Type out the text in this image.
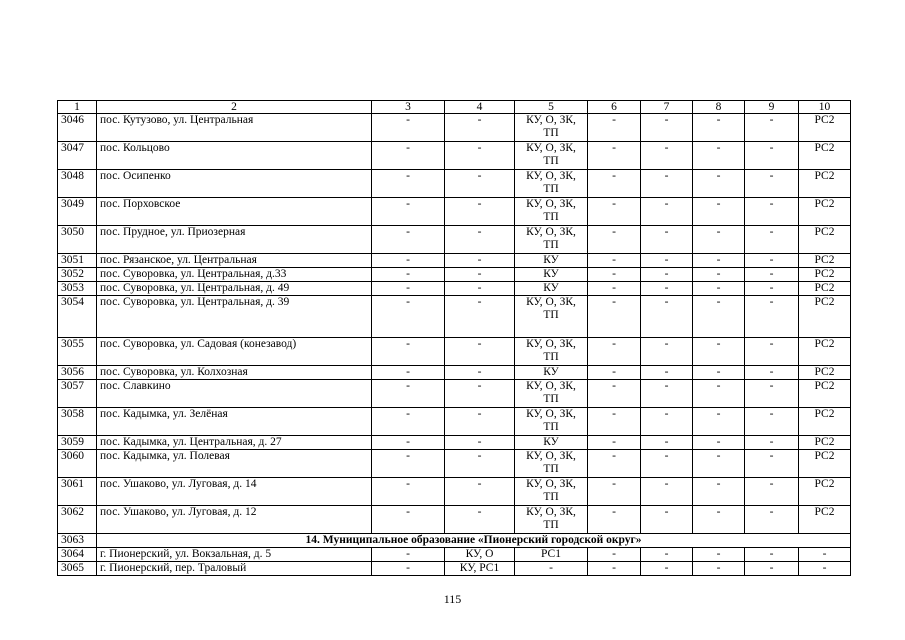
1	2	3	4	5	6	7	8	9	10
3046	пос. Кутузово, ул. Центральная	-	-	КУ, О, ЗК, ТП	-	-	-	-	РС2
3047	пос. Кольцово	-	-	КУ, О, ЗК, ТП	-	-	-	-	РС2
3048	пос. Осипенко	-	-	КУ, О, ЗК, ТП	-	-	-	-	РС2
3049	пос. Порховское	-	-	КУ, О, ЗК, ТП	-	-	-	-	РС2
3050	пос. Прудное, ул. Приозерная	-	-	КУ, О, ЗК, ТП	-	-	-	-	РС2
3051	пос. Рязанское, ул. Центральная	-	-	КУ	-	-	-	-	РС2
3052	пос. Суворовка, ул. Центральная, д.33	-	-	КУ	-	-	-	-	РС2
3053	пос. Суворовка, ул. Центральная, д. 49	-	-	КУ	-	-	-	-	РС2
3054	пос. Суворовка, ул. Центральная, д. 39	-	-	КУ, О, ЗК, ТП	-	-	-	-	РС2
3055	пос. Суворовка, ул. Садовая (конезавод)	-	-	КУ, О, ЗК, ТП	-	-	-	-	РС2
3056	пос. Суворовка, ул. Колхозная	-	-	КУ	-	-	-	-	РС2
3057	пос. Славкино	-	-	КУ, О, ЗК, ТП	-	-	-	-	РС2
3058	пос. Кадымка, ул. Зелёная	-	-	КУ, О, ЗК, ТП	-	-	-	-	РС2
3059	пос. Кадымка, ул. Центральная, д. 27	-	-	КУ	-	-	-	-	РС2
3060	пос. Кадымка, ул. Полевая	-	-	КУ, О, ЗК, ТП	-	-	-	-	РС2
3061	пос. Ушаково, ул. Луговая, д. 14	-	-	КУ, О, ЗК, ТП	-	-	-	-	РС2
3062	пос. Ушаково, ул. Луговая, д. 12	-	-	КУ, О, ЗК, ТП	-	-	-	-	РС2
3063	14. Муниципальное образование «Пионерский городской округ»								
3064	г. Пионерский, ул. Вокзальная, д. 5	-	КУ, О	РС1	-	-	-	-	-
3065	г. Пионерский, пер. Траловый	-	КУ, РС1	-	-	-	-	-	-
115
